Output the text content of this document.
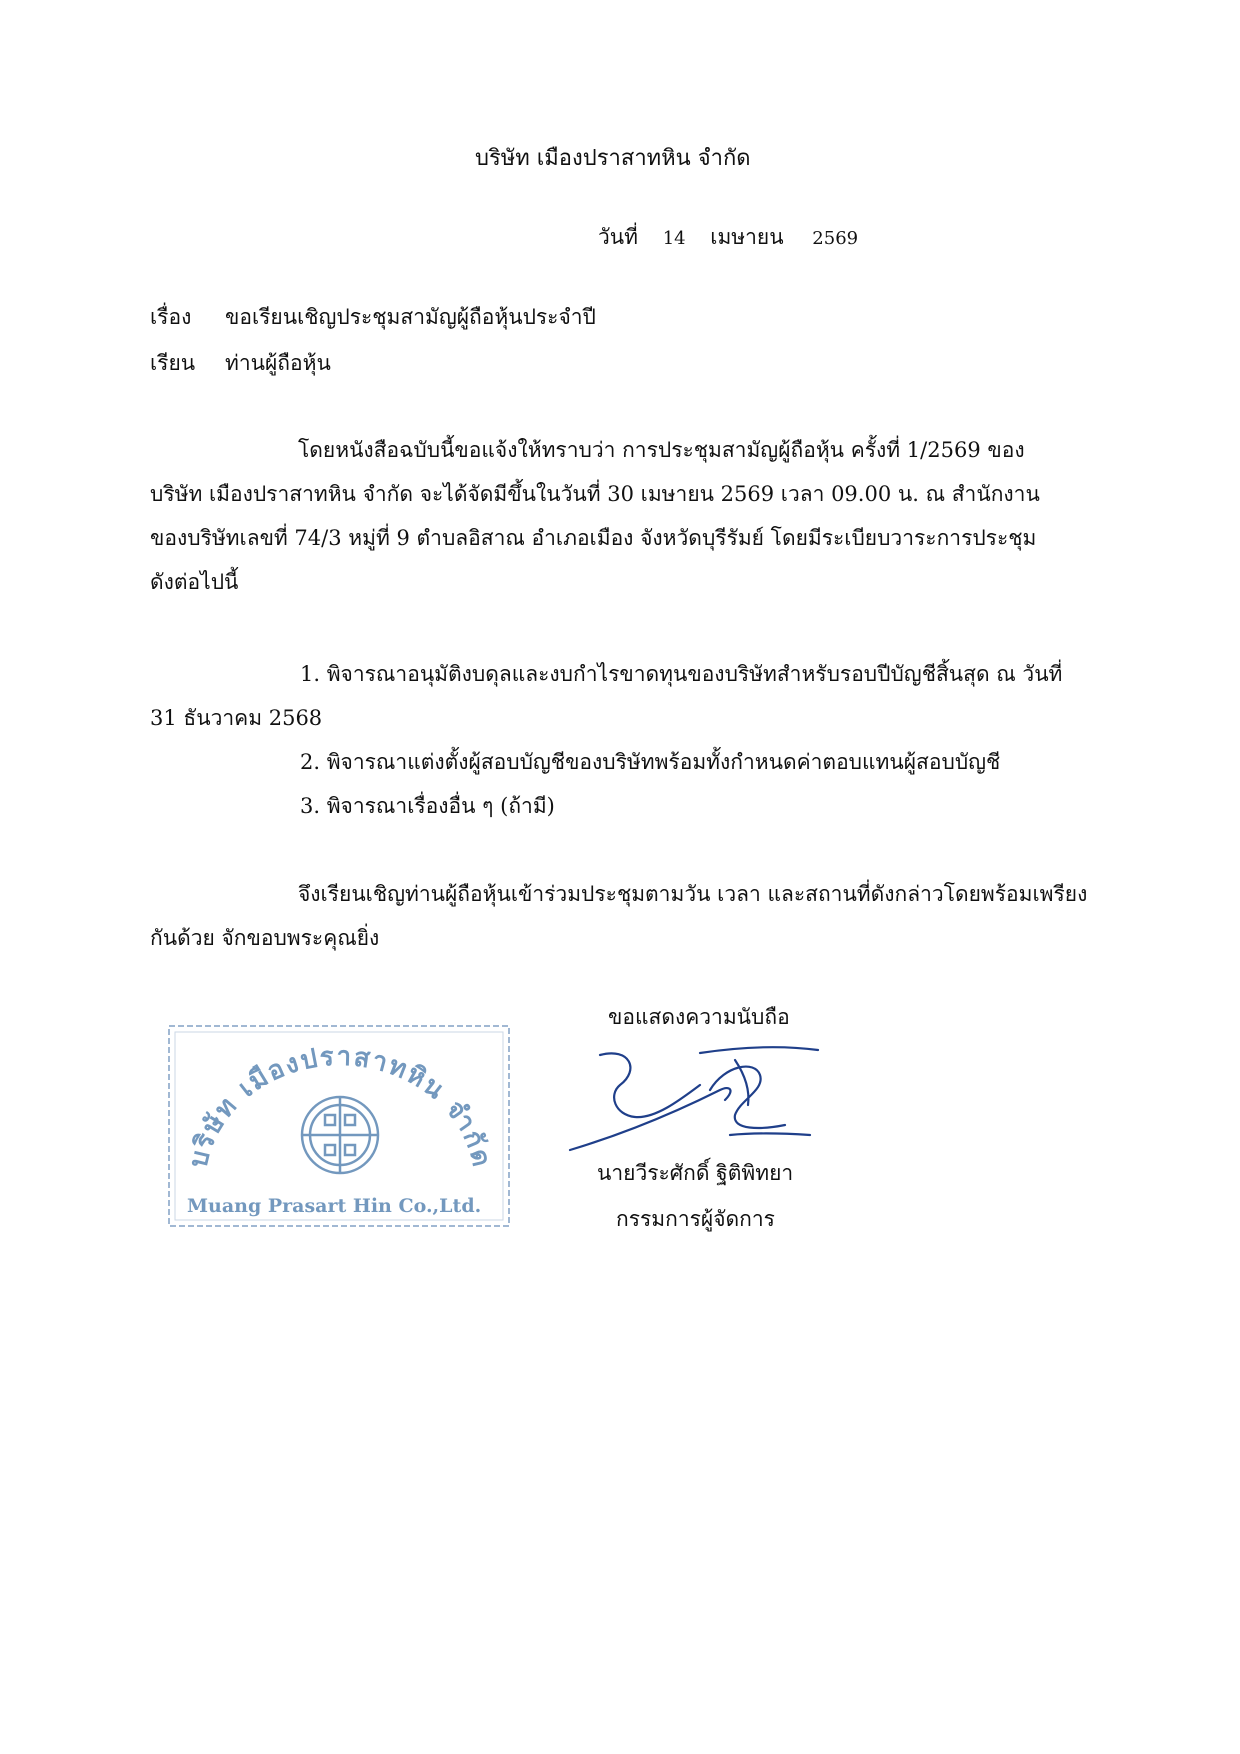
บริษัท เมืองปราสาทหิน จำกัด
วันที่ 14 เมษายน 2569
เรื่อง ขอเรียนเชิญประชุมสามัญผู้ถือหุ้นประจำปี
เรียน ท่านผู้ถือหุ้น
โดยหนังสือฉบับนี้ขอแจ้งให้ทราบว่า การประชุมสามัญผู้ถือหุ้น ครั้งที่ 1/2569 ของ
บริษัท เมืองปราสาทหิน จำกัด จะได้จัดมีขึ้นในวันที่ 30 เมษายน 2569 เวลา 09.00 น. ณ สำนักงาน
ของบริษัทเลขที่ 74/3 หมู่ที่ 9 ตำบลอิสาณ อำเภอเมือง จังหวัดบุรีรัมย์ โดยมีระเบียบวาระการประชุม
ดังต่อไปนี้
1. พิจารณาอนุมัติงบดุลและงบกำไรขาดทุนของบริษัทสำหรับรอบปีบัญชีสิ้นสุด ณ วันที่
31 ธันวาคม 2568
2. พิจารณาแต่งตั้งผู้สอบบัญชีของบริษัทพร้อมทั้งกำหนดค่าตอบแทนผู้สอบบัญชี
3. พิจารณาเรื่องอื่น ๆ (ถ้ามี)
จึงเรียนเชิญท่านผู้ถือหุ้นเข้าร่วมประชุมตามวัน เวลา และสถานที่ดังกล่าวโดยพร้อมเพรียง
กันด้วย จักขอบพระคุณยิ่ง
ขอแสดงความนับถือ
บริษัท เมืองปราสาทหิน จำกัด
Muang Prasart Hin Co.,Ltd.
นายวีระศักดิ์ ฐิติพิทยา
กรรมการผู้จัดการ
